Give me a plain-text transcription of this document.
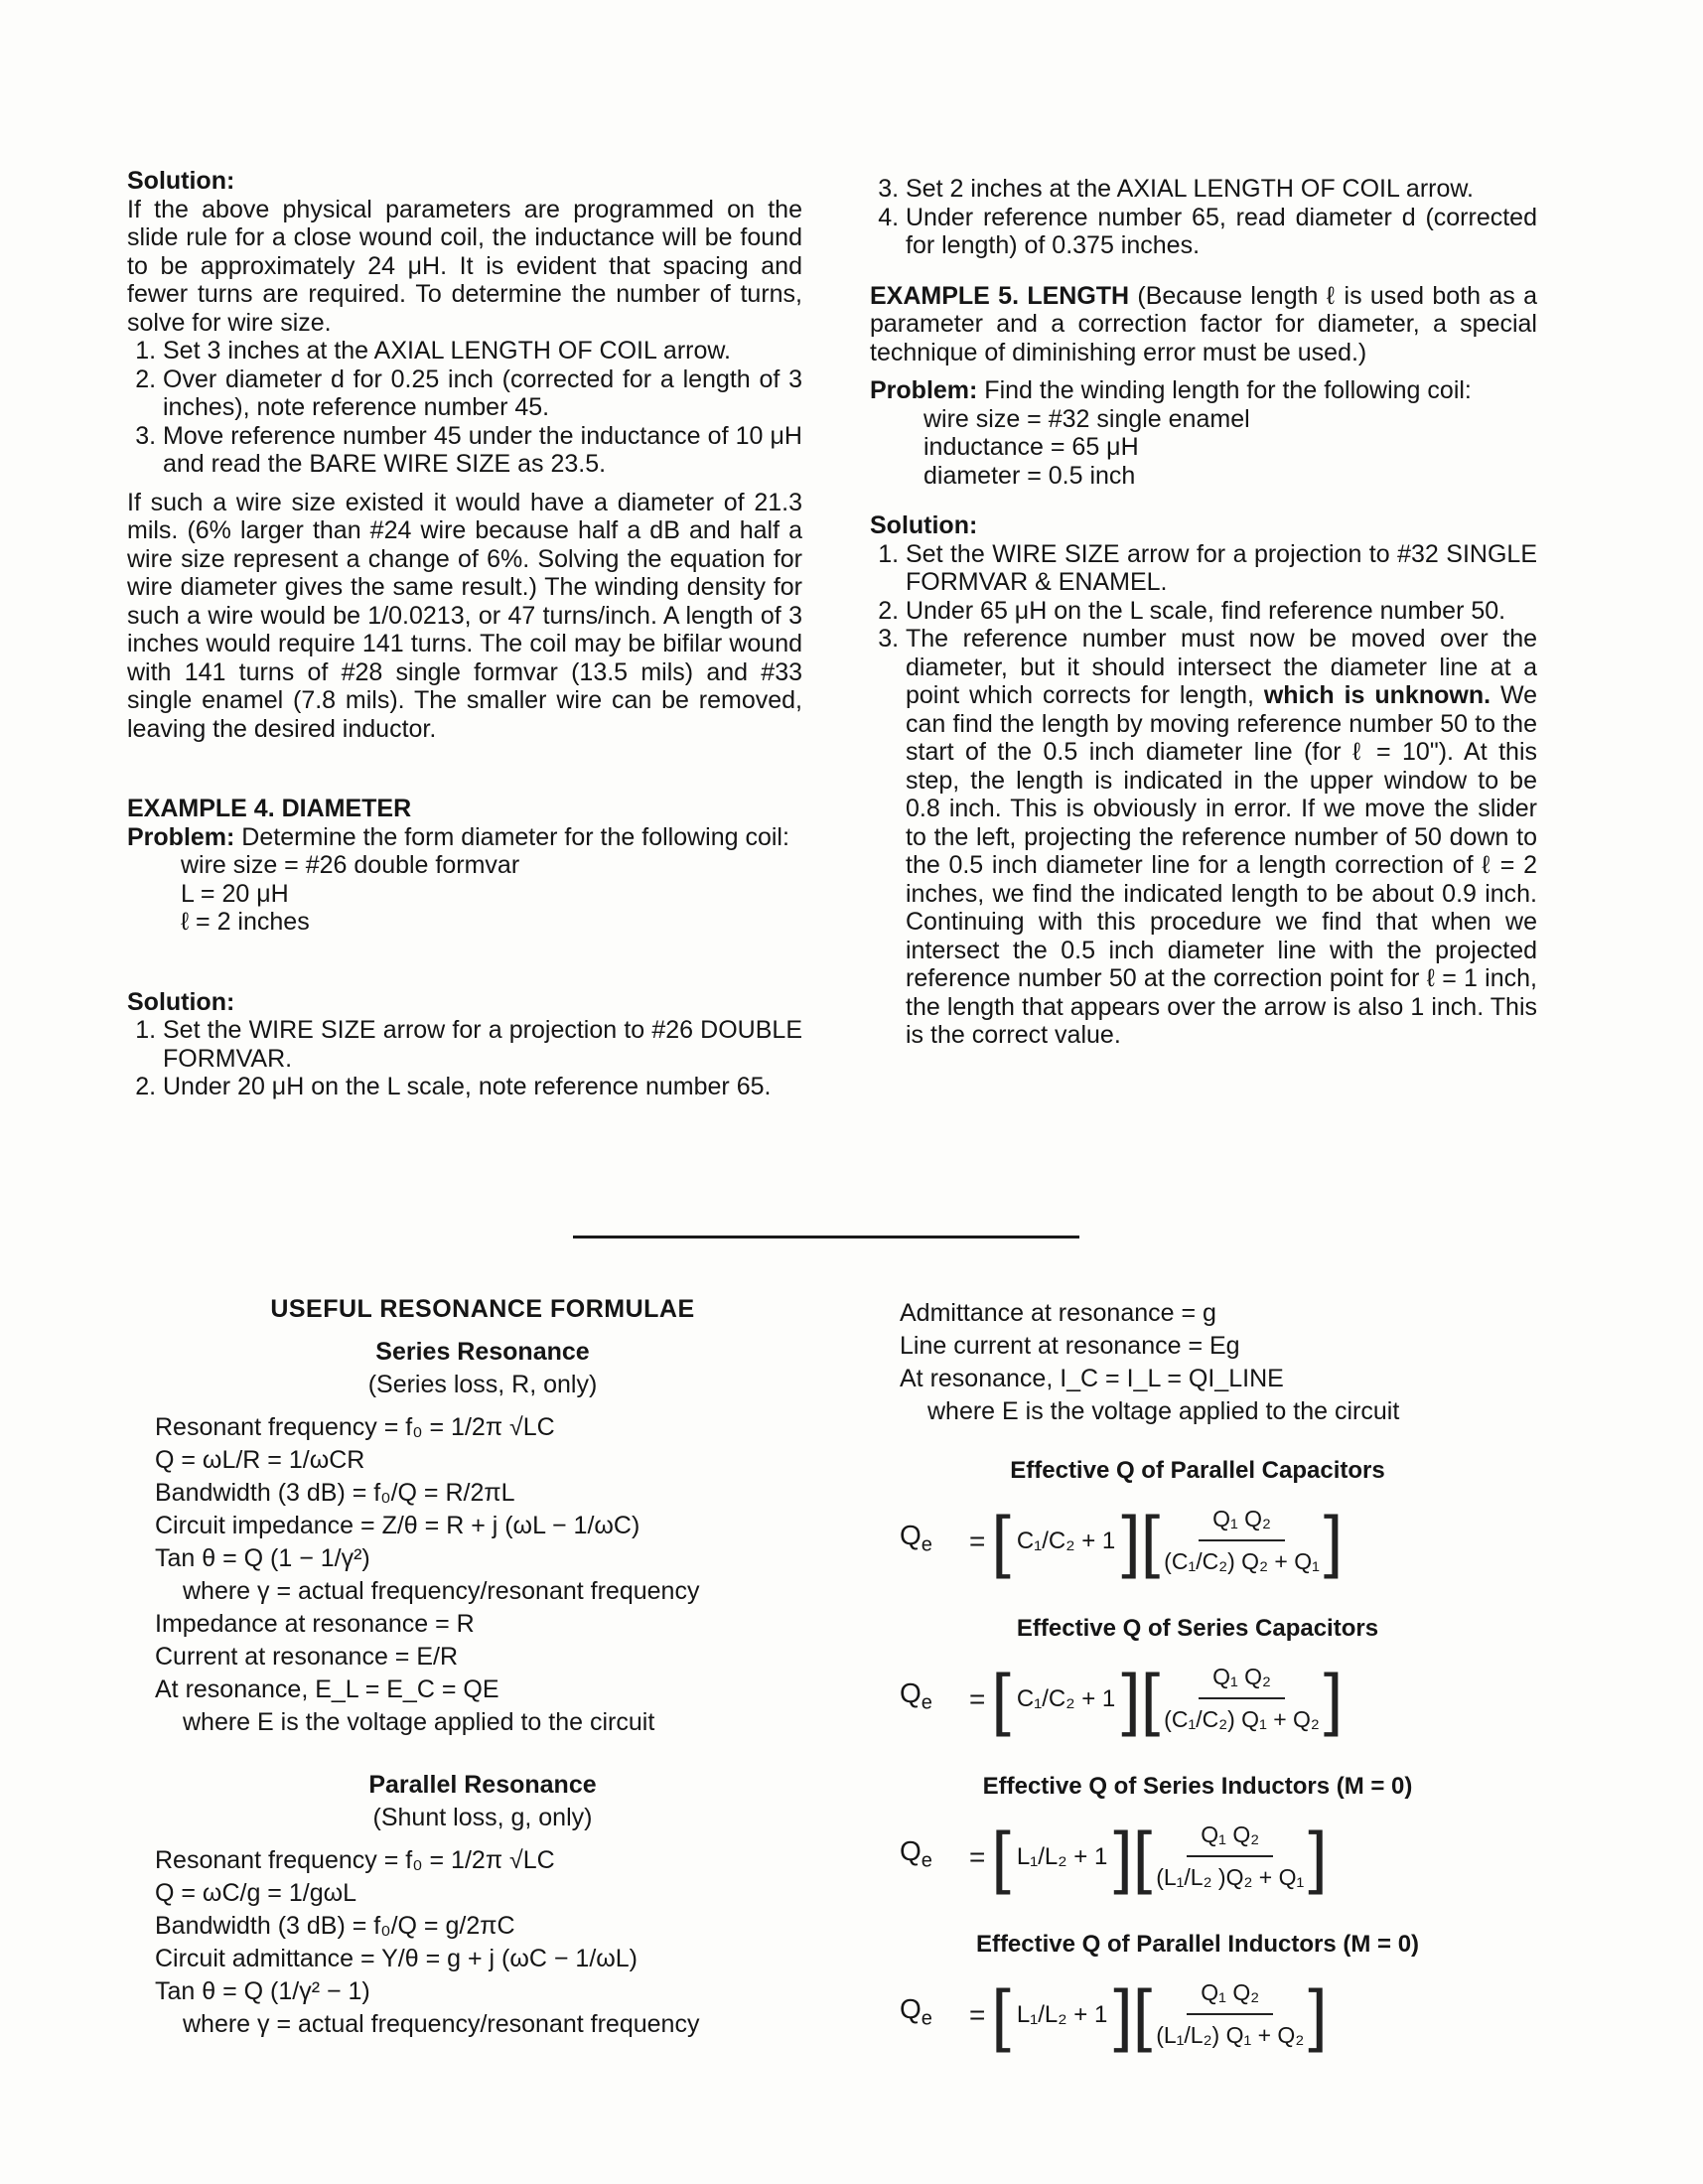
Solution:

If the above physical parameters are programmed on the slide rule for a close wound coil, the inductance will be found to be approximately 24 μH. It is evident that spacing and fewer turns are required. To determine the number of turns, solve for wire size.

1. Set 3 inches at the AXIAL LENGTH OF COIL arrow.
2. Over diameter d for 0.25 inch (corrected for a length of 3 inches), note reference number 45.
3. Move reference number 45 under the inductance of 10 μH and read the BARE WIRE SIZE as 23.5.

If such a wire size existed it would have a diameter of 21.3 mils. (6% larger than #24 wire because half a dB and half a wire size represent a change of 6%. Solving the equation for wire diameter gives the same result.) The winding density for such a wire would be 1/0.0213, or 47 turns/inch. A length of 3 inches would require 141 turns. The coil may be bifilar wound with 141 turns of #28 single formvar (13.5 mils) and #33 single enamel (7.8 mils). The smaller wire can be removed, leaving the desired inductor.

EXAMPLE 4. DIAMETER

Problem: Determine the form diameter for the following coil:

wire size = #26 double formvar
L = 20 μH
ℓ = 2 inches

Solution:

1. Set the WIRE SIZE arrow for a projection to #26 DOUBLE FORMVAR.
2. Under 20 μH on the L scale, note reference number 65.
3. Set 2 inches at the AXIAL LENGTH OF COIL arrow.
4. Under reference number 65, read diameter d (corrected for length) of 0.375 inches.

EXAMPLE 5. LENGTH (Because length ℓ is used both as a parameter and a correction factor for diameter, a special technique of diminishing error must be used.)

Problem: Find the winding length for the following coil:

wire size = #32 single enamel
inductance = 65 μH
diameter = 0.5 inch

Solution:

1. Set the WIRE SIZE arrow for a projection to #32 SINGLE FORMVAR & ENAMEL.
2. Under 65 μH on the L scale, find reference number 50.
3. The reference number must now be moved over the diameter, but it should intersect the diameter line at a point which corrects for length, which is unknown. We can find the length by moving reference number 50 to the start of the 0.5 inch diameter line (for ℓ = 10"). At this step, the length is indicated in the upper window to be 0.8 inch. This is obviously in error. If we move the slider to the left, projecting the reference number of 50 down to the 0.5 inch diameter line for a length correction of ℓ = 2 inches, we find the indicated length to be about 0.9 inch. Continuing with this procedure we find that when we intersect the 0.5 inch diameter line with the projected reference number 50 at the correction point for ℓ = 1 inch, the length that appears over the arrow is also 1 inch. This is the correct value.
USEFUL RESONANCE FORMULAE
Series Resonance
(Series loss, R, only)
Resonant frequency = f₀ = 1/2π √LC
Q = ωL/R = 1/ωCR
Bandwidth (3 dB) = f₀/Q = R/2πL
Circuit impedance = Z/θ = R + j (ωL − 1/ωC)
Tan θ = Q (1 − 1/γ²)
where γ = actual frequency/resonant frequency
Impedance at resonance = R
Current at resonance = E/R
At resonance, E_L = E_C = QE
where E is the voltage applied to the circuit
Parallel Resonance
(Shunt loss, g, only)
Resonant frequency = f₀ = 1/2π √LC
Q = ωC/g = 1/gωL
Bandwidth (3 dB) = f₀/Q = g/2πC
Circuit admittance = Y/θ = g + j (ωC − 1/ωL)
Tan θ = Q (1/γ² − 1)
where γ = actual frequency/resonant frequency
Admittance at resonance = g
Line current at resonance = Eg
At resonance, I_C = I_L = QI_LINE
where E is the voltage applied to the circuit
Effective Q of Parallel Capacitors
$Q_e$	= [ C₁/C₂ + 1 ] [ $\frac{\text{Q₁ Q₂}}{\text{(C₁/C₂) Q₂ + Q₁}}$ ]
Effective Q of Series Capacitors
$Q_e$	= [ C₁/C₂ + 1 ] [ $\frac{\text{Q₁ Q₂}}{\text{(C₁/C₂) Q₁ + Q₂}}$ ]
Effective Q of Series Inductors (M = 0)
$Q_e$	= [ L₁/L₂ + 1 ] [ $\frac{\text{Q₁ Q₂}}{\text{(L₁/L₂ )Q₂ + Q₁}}$ ]
Effective Q of Parallel Inductors (M = 0)
$Q_e$	= [ L₁/L₂ + 1 ] [ $\frac{\text{Q₁ Q₂}}{\text{(L₁/L₂) Q₁ + Q₂}}$ ]
